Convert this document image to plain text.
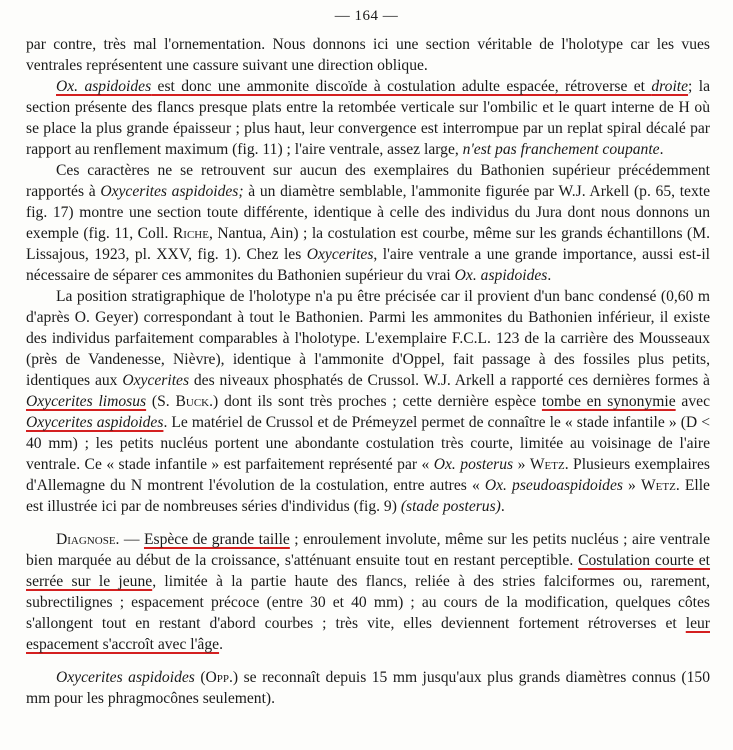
— 164 —

par contre, très mal l'ornementation. Nous donnons ici une section véritable de l'holotype car les vues ventrales représentent une cassure suivant une direction oblique.

Ox. aspidoides est donc une ammonite discoïde à costulation adulte espacée, rétroverse et droite; la section présente des flancs presque plats entre la retombée verticale sur l'ombilic et le quart interne de H où se place la plus grande épaisseur ; plus haut, leur convergence est interrompue par un replat spiral décalé par rapport au renflement maximum (fig. 11) ; l'aire ventrale, assez large, n'est pas franchement coupante.

Ces caractères ne se retrouvent sur aucun des exemplaires du Bathonien supérieur précédemment rapportés à Oxycerites aspidoides; à un diamètre semblable, l'ammonite figurée par W.J. Arkell (p. 65, texte fig. 17) montre une section toute différente, identique à celle des individus du Jura dont nous donnons un exemple (fig. 11, Coll. Riche, Nantua, Ain) ; la costulation est courbe, même sur les grands échantillons (M. Lissajous, 1923, pl. XXV, fig. 1). Chez les Oxycerites, l'aire ventrale a une grande importance, aussi est-il nécessaire de séparer ces ammonites du Bathonien supérieur du vrai Ox. aspidoides.

La position stratigraphique de l'holotype n'a pu être précisée car il provient d'un banc condensé (0,60 m d'après O. Geyer) correspondant à tout le Bathonien. Parmi les ammonites du Bathonien inférieur, il existe des individus parfaitement comparables à l'holotype. L'exemplaire F.C.L. 123 de la carrière des Mousseaux (près de Vandenesse, Nièvre), identique à l'ammonite d'Oppel, fait passage à des fossiles plus petits, identiques aux Oxycerites des niveaux phosphatés de Crussol. W.J. Arkell a rapporté ces dernières formes à Oxycerites limosus (S. Buck.) dont ils sont très proches ; cette dernière espèce tombe en synonymie avec Oxycerites aspidoides. Le matériel de Crussol et de Prémeyzel permet de connaître le « stade infantile » (D < 40 mm) ; les petits nucléus portent une abondante costulation très courte, limitée au voisinage de l'aire ventrale. Ce « stade infantile » est parfaitement représenté par « Ox. posterus » Wetz. Plusieurs exemplaires d'Allemagne du N montrent l'évolution de la costulation, entre autres « Ox. pseudoaspidoides » Wetz. Elle est illustrée ici par de nombreuses séries d'individus (fig. 9) (stade posterus).

Diagnose. — Espèce de grande taille ; enroulement involute, même sur les petits nucléus ; aire ventrale bien marquée au début de la croissance, s'atténuant ensuite tout en restant perceptible. Costulation courte et serrée sur le jeune, limitée à la partie haute des flancs, reliée à des stries falciformes ou, rarement, subrectilignes ; espacement précoce (entre 30 et 40 mm) ; au cours de la modification, quelques côtes s'allongent tout en restant d'abord courbes ; très vite, elles deviennent fortement rétroverses et leur espacement s'accroît avec l'âge.

Oxycerites aspidoides (Opp.) se reconnaît depuis 15 mm jusqu'aux plus grands diamètres connus (150 mm pour les phragmocônes seulement).
